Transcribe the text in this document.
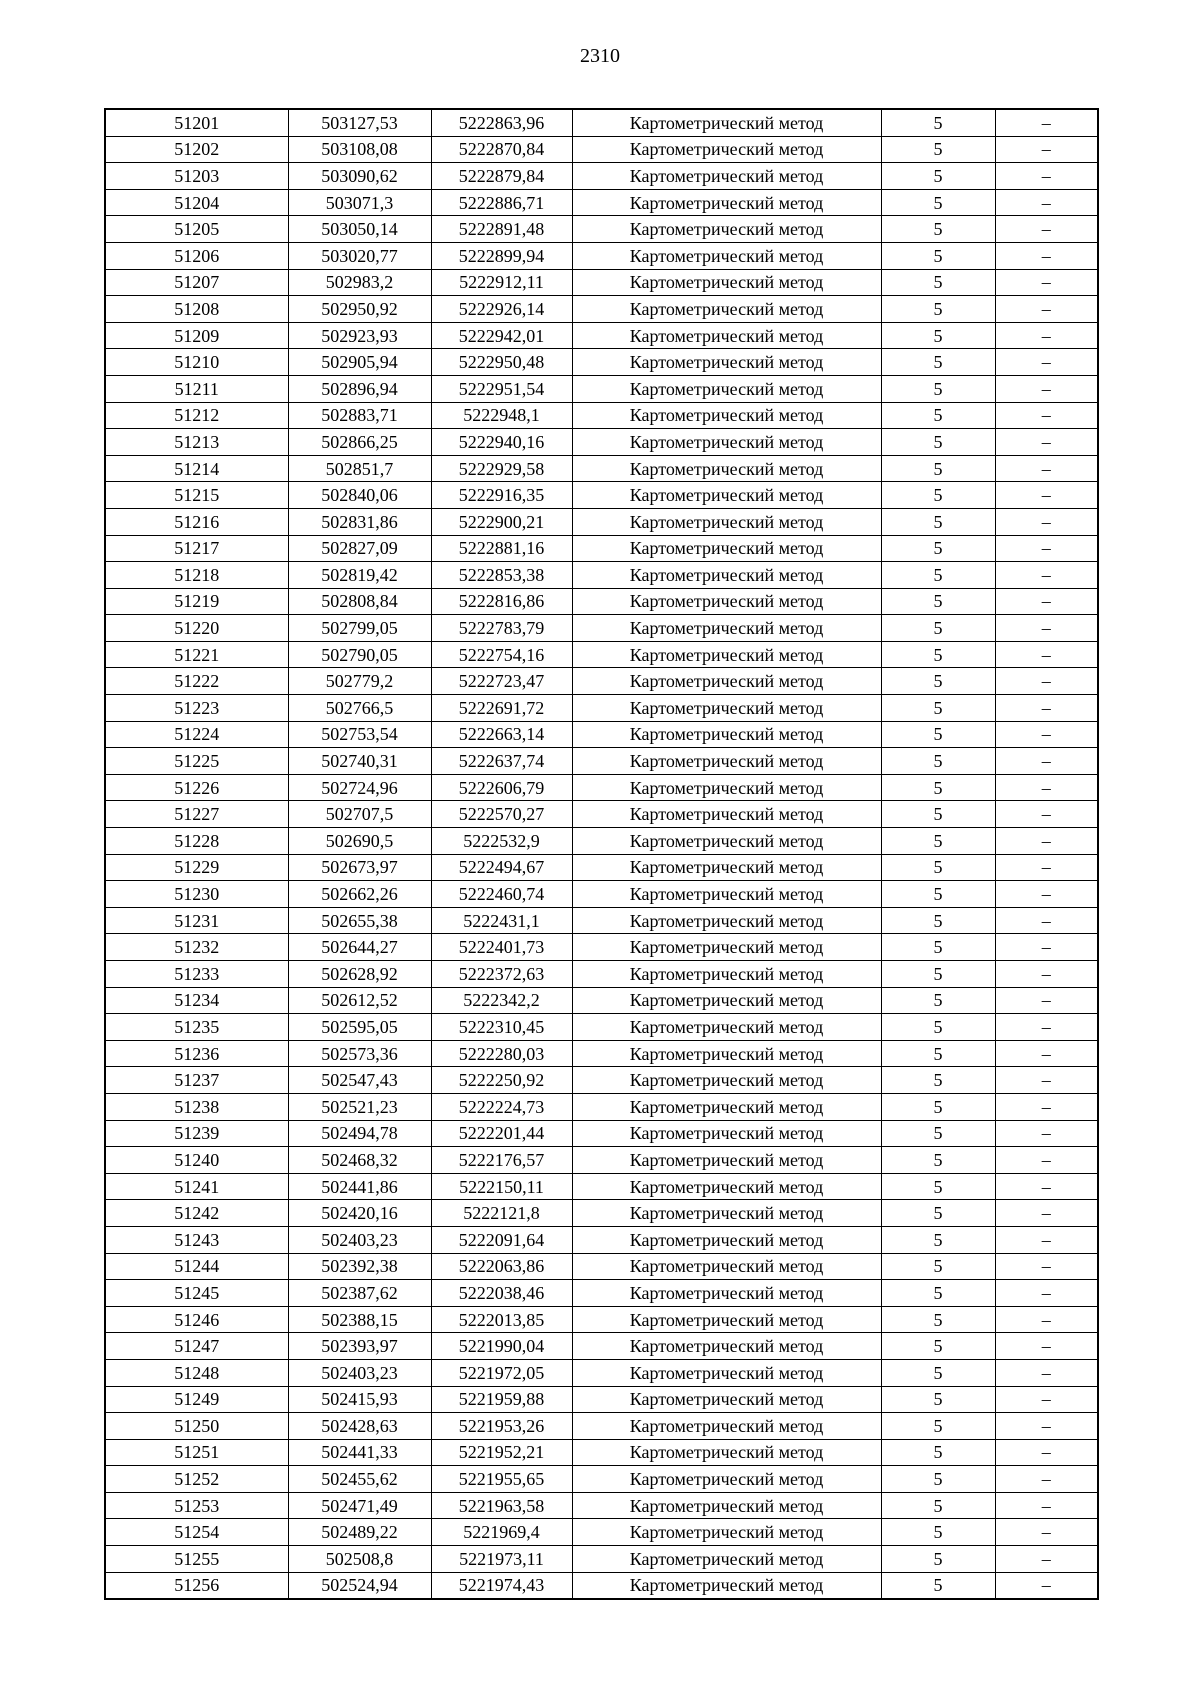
2310
51201	503127,53	5222863,96	Картометрический метод	5	–
51202	503108,08	5222870,84	Картометрический метод	5	–
51203	503090,62	5222879,84	Картометрический метод	5	–
51204	503071,3	5222886,71	Картометрический метод	5	–
51205	503050,14	5222891,48	Картометрический метод	5	–
51206	503020,77	5222899,94	Картометрический метод	5	–
51207	502983,2	5222912,11	Картометрический метод	5	–
51208	502950,92	5222926,14	Картометрический метод	5	–
51209	502923,93	5222942,01	Картометрический метод	5	–
51210	502905,94	5222950,48	Картометрический метод	5	–
51211	502896,94	5222951,54	Картометрический метод	5	–
51212	502883,71	5222948,1	Картометрический метод	5	–
51213	502866,25	5222940,16	Картометрический метод	5	–
51214	502851,7	5222929,58	Картометрический метод	5	–
51215	502840,06	5222916,35	Картометрический метод	5	–
51216	502831,86	5222900,21	Картометрический метод	5	–
51217	502827,09	5222881,16	Картометрический метод	5	–
51218	502819,42	5222853,38	Картометрический метод	5	–
51219	502808,84	5222816,86	Картометрический метод	5	–
51220	502799,05	5222783,79	Картометрический метод	5	–
51221	502790,05	5222754,16	Картометрический метод	5	–
51222	502779,2	5222723,47	Картометрический метод	5	–
51223	502766,5	5222691,72	Картометрический метод	5	–
51224	502753,54	5222663,14	Картометрический метод	5	–
51225	502740,31	5222637,74	Картометрический метод	5	–
51226	502724,96	5222606,79	Картометрический метод	5	–
51227	502707,5	5222570,27	Картометрический метод	5	–
51228	502690,5	5222532,9	Картометрический метод	5	–
51229	502673,97	5222494,67	Картометрический метод	5	–
51230	502662,26	5222460,74	Картометрический метод	5	–
51231	502655,38	5222431,1	Картометрический метод	5	–
51232	502644,27	5222401,73	Картометрический метод	5	–
51233	502628,92	5222372,63	Картометрический метод	5	–
51234	502612,52	5222342,2	Картометрический метод	5	–
51235	502595,05	5222310,45	Картометрический метод	5	–
51236	502573,36	5222280,03	Картометрический метод	5	–
51237	502547,43	5222250,92	Картометрический метод	5	–
51238	502521,23	5222224,73	Картометрический метод	5	–
51239	502494,78	5222201,44	Картометрический метод	5	–
51240	502468,32	5222176,57	Картометрический метод	5	–
51241	502441,86	5222150,11	Картометрический метод	5	–
51242	502420,16	5222121,8	Картометрический метод	5	–
51243	502403,23	5222091,64	Картометрический метод	5	–
51244	502392,38	5222063,86	Картометрический метод	5	–
51245	502387,62	5222038,46	Картометрический метод	5	–
51246	502388,15	5222013,85	Картометрический метод	5	–
51247	502393,97	5221990,04	Картометрический метод	5	–
51248	502403,23	5221972,05	Картометрический метод	5	–
51249	502415,93	5221959,88	Картометрический метод	5	–
51250	502428,63	5221953,26	Картометрический метод	5	–
51251	502441,33	5221952,21	Картометрический метод	5	–
51252	502455,62	5221955,65	Картометрический метод	5	–
51253	502471,49	5221963,58	Картометрический метод	5	–
51254	502489,22	5221969,4	Картометрический метод	5	–
51255	502508,8	5221973,11	Картометрический метод	5	–
51256	502524,94	5221974,43	Картометрический метод	5	–
